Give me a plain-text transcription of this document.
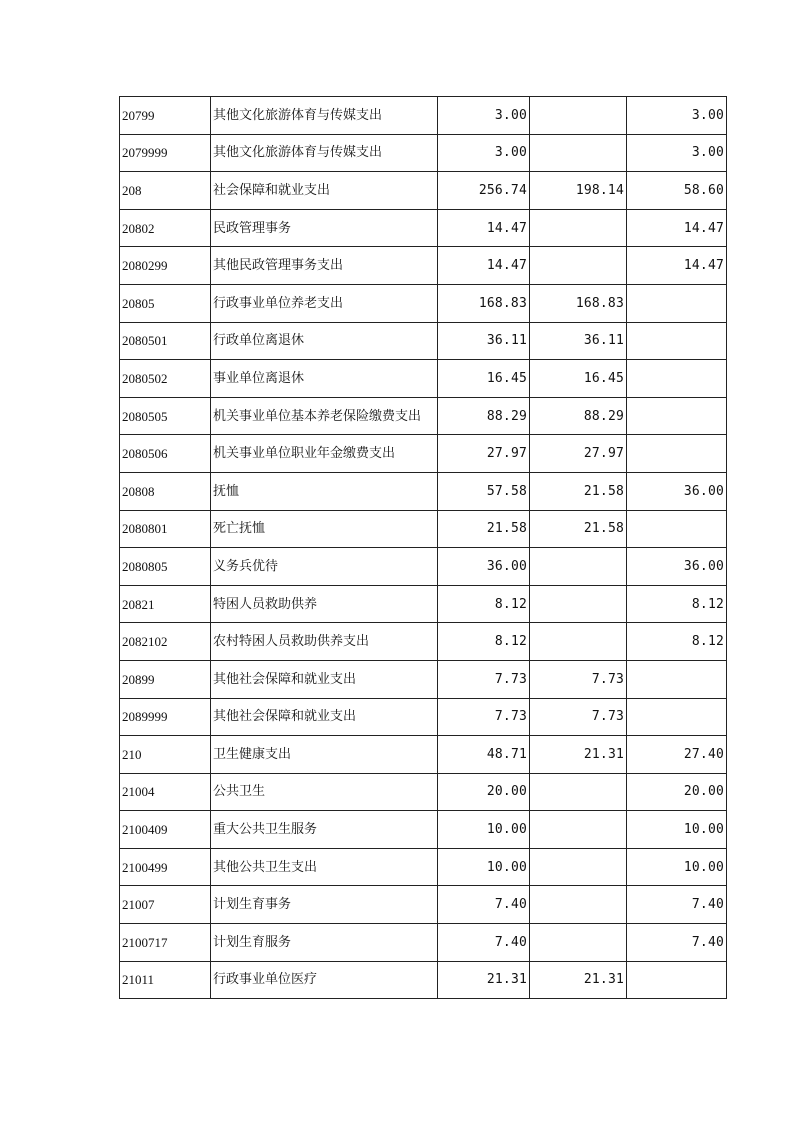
20799	其他文化旅游体育与传媒支出	3.00		3.00
2079999	其他文化旅游体育与传媒支出	3.00		3.00
208	社会保障和就业支出	256.74	198.14	58.60
20802	民政管理事务	14.47		14.47
2080299	其他民政管理事务支出	14.47		14.47
20805	行政事业单位养老支出	168.83	168.83	
2080501	行政单位离退休	36.11	36.11	
2080502	事业单位离退休	16.45	16.45	
2080505	机关事业单位基本养老保险缴费支出	88.29	88.29	
2080506	机关事业单位职业年金缴费支出	27.97	27.97	
20808	抚恤	57.58	21.58	36.00
2080801	死亡抚恤	21.58	21.58	
2080805	义务兵优待	36.00		36.00
20821	特困人员救助供养	8.12		8.12
2082102	农村特困人员救助供养支出	8.12		8.12
20899	其他社会保障和就业支出	7.73	7.73	
2089999	其他社会保障和就业支出	7.73	7.73	
210	卫生健康支出	48.71	21.31	27.40
21004	公共卫生	20.00		20.00
2100409	重大公共卫生服务	10.00		10.00
2100499	其他公共卫生支出	10.00		10.00
21007	计划生育事务	7.40		7.40
2100717	计划生育服务	7.40		7.40
21011	行政事业单位医疗	21.31	21.31	
